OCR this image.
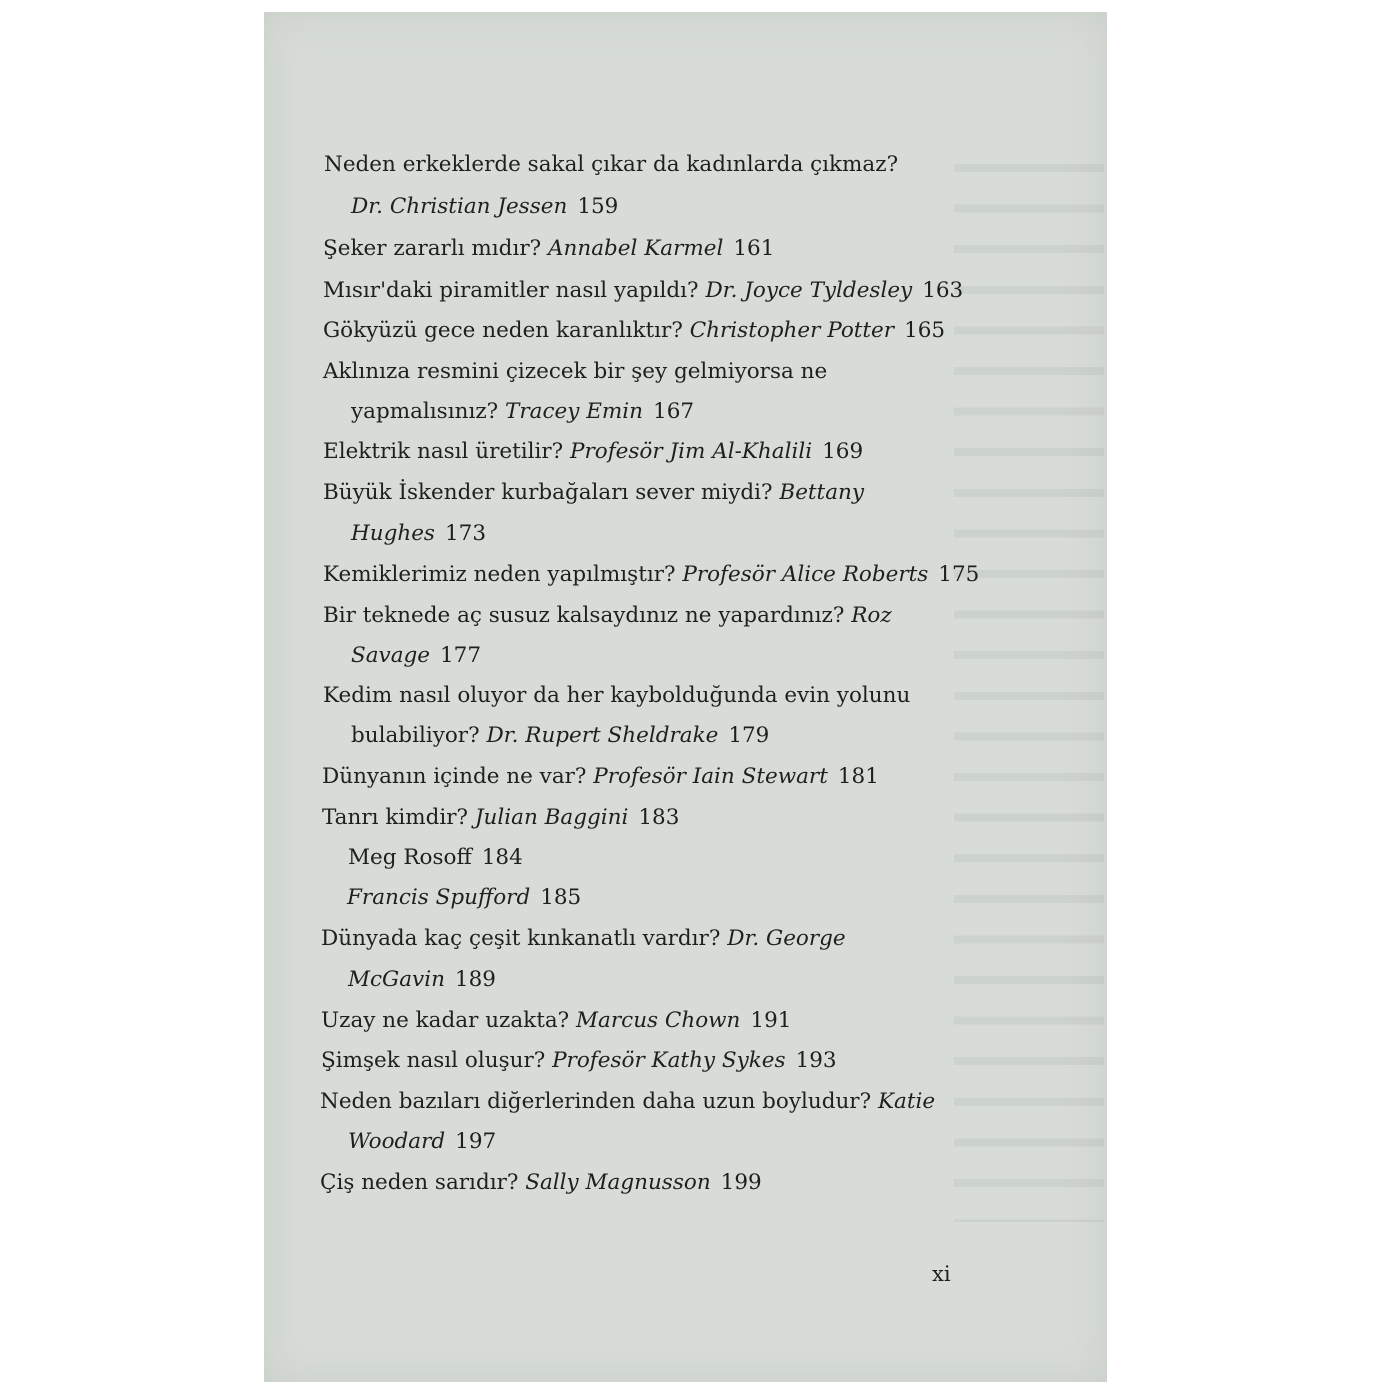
Neden erkeklerde sakal çıkar da kadınlarda çıkmaz?
Dr. Christian Jessen 159
Şeker zararlı mıdır? Annabel Karmel 161
Mısır'daki piramitler nasıl yapıldı? Dr. Joyce Tyldesley 163
Gökyüzü gece neden karanlıktır? Christopher Potter 165
Aklınıza resmini çizecek bir şey gelmiyorsa ne
yapmalısınız? Tracey Emin 167
Elektrik nasıl üretilir? Profesör Jim Al-Khalili 169
Büyük İskender kurbağaları sever miydi? Bettany
Hughes 173
Kemiklerimiz neden yapılmıştır? Profesör Alice Roberts 175
Bir teknede aç susuz kalsaydınız ne yapardınız? Roz
Savage 177
Kedim nasıl oluyor da her kaybolduğunda evin yolunu
bulabiliyor? Dr. Rupert Sheldrake 179
Dünyanın içinde ne var? Profesör Iain Stewart 181
Tanrı kimdir? Julian Baggini 183
Meg Rosoff 184
Francis Spufford 185
Dünyada kaç çeşit kınkanatlı vardır? Dr. George
McGavin 189
Uzay ne kadar uzakta? Marcus Chown 191
Şimşek nasıl oluşur? Profesör Kathy Sykes 193
Neden bazıları diğerlerinden daha uzun boyludur? Katie
Woodard 197
Çiş neden sarıdır? Sally Magnusson 199
xi
